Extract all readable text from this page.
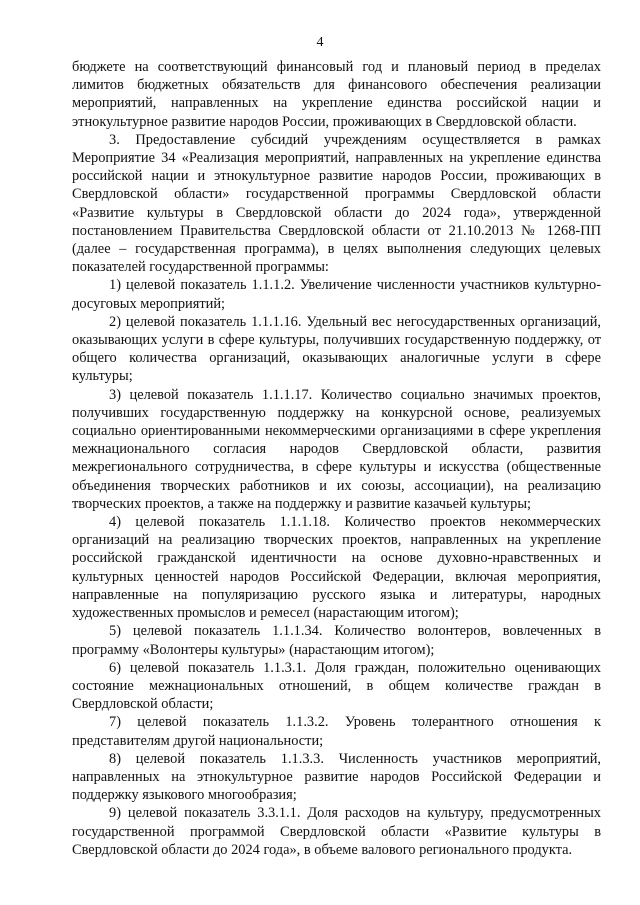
4

бюджете на соответствующий финансовый год и плановый период в пределах лимитов бюджетных обязательств для финансового обеспечения реализации мероприятий, направленных на укрепление единства российской нации и этнокультурное развитие народов России, проживающих в Свердловской области.

3. Предоставление субсидий учреждениям осуществляется в рамках Мероприятие 34 «Реализация мероприятий, направленных на укрепление единства российской нации и этнокультурное развитие народов России, проживающих в Свердловской области» государственной программы Свердловской области «Развитие культуры в Свердловской области до 2024 года», утвержденной постановлением Правительства Свердловской области от 21.10.2013 № 1268-ПП (далее – государственная программа), в целях выполнения следующих целевых показателей государственной программы:

1) целевой показатель 1.1.1.2. Увеличение численности участников культурно-досуговых мероприятий;

2) целевой показатель 1.1.1.16. Удельный вес негосударственных организаций, оказывающих услуги в сфере культуры, получивших государственную поддержку, от общего количества организаций, оказывающих аналогичные услуги в сфере культуры;

3) целевой показатель 1.1.1.17. Количество социально значимых проектов, получивших государственную поддержку на конкурсной основе, реализуемых социально ориентированными некоммерческими организациями в сфере укрепления межнационального согласия народов Свердловской области, развития межрегионального сотрудничества, в сфере культуры и искусства (общественные объединения творческих работников и их союзы, ассоциации), на реализацию творческих проектов, а также на поддержку и развитие казачьей культуры;

4) целевой показатель 1.1.1.18. Количество проектов некоммерческих организаций на реализацию творческих проектов, направленных на укрепление российской гражданской идентичности на основе духовно-нравственных и культурных ценностей народов Российской Федерации, включая мероприятия, направленные на популяризацию русского языка и литературы, народных художественных промыслов и ремесел (нарастающим итогом);

5) целевой показатель 1.1.1.34. Количество волонтеров, вовлеченных в программу «Волонтеры культуры» (нарастающим итогом);

6) целевой показатель 1.1.3.1. Доля граждан, положительно оценивающих состояние межнациональных отношений, в общем количестве граждан в Свердловской области;

7) целевой показатель 1.1.3.2. Уровень толерантного отношения к представителям другой национальности;

8) целевой показатель 1.1.3.3. Численность участников мероприятий, направленных на этнокультурное развитие народов Российской Федерации и поддержку языкового многообразия;

9) целевой показатель 3.3.1.1. Доля расходов на культуру, предусмотренных государственной программой Свердловской области «Развитие культуры в Свердловской области до 2024 года», в объеме валового регионального продукта.
